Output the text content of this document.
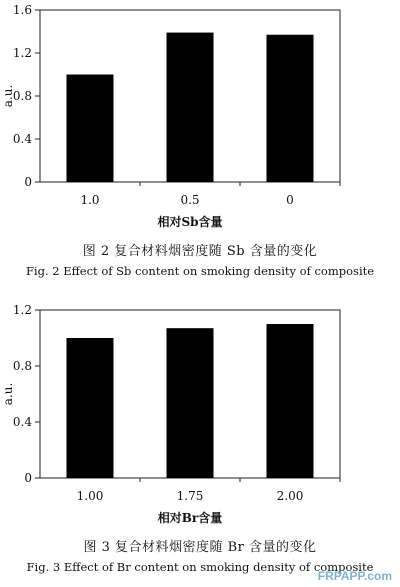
0
0.4
0.8
1.2
1.6
a.u.
1.0	0.5	0
相对Sb含量
图 2 复合材料烟密度随 Sb 含量的变化
Fig. 2 Effect of Sb content on smoking density of composite
0
0.4
0.8
1.2
a.u.
1.00	1.75	2.00
相对Br含量
图 3 复合材料烟密度随 Br 含量的变化
Fig. 3 Effect of Br content on smoking density of composite
FRPAPP.com
